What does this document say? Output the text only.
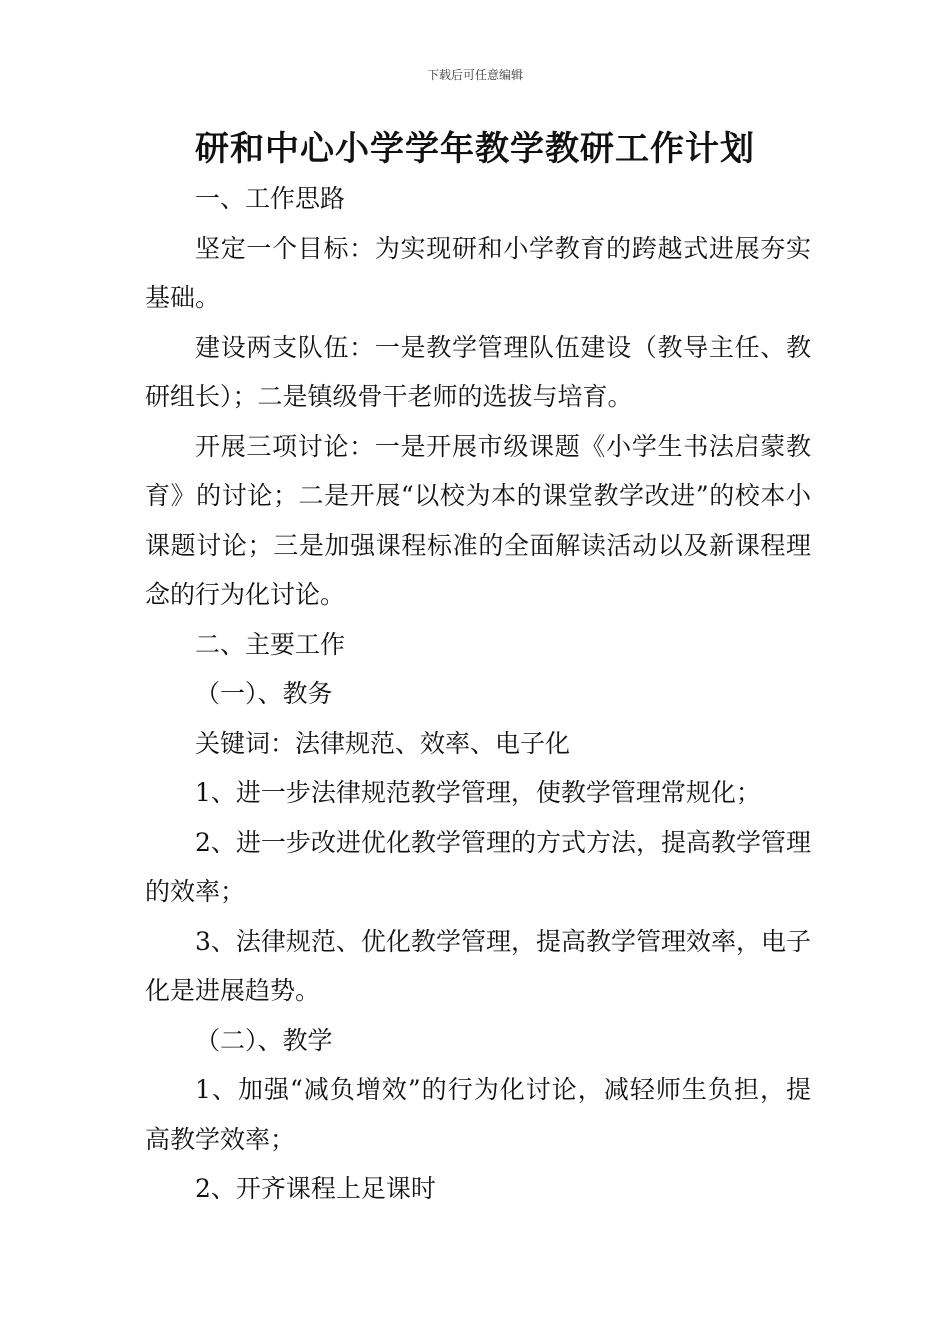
下载后可任意编辑
研和中心小学学年教学教研工作计划

一、工作思路

坚定一个目标：为实现研和小学教育的跨越式进展夯实基础。

建设两支队伍：一是教学管理队伍建设（教导主任、教研组长）；二是镇级骨干老师的选拔与培育。

开展三项讨论：一是开展市级课题《小学生书法启蒙教育》的讨论；二是开展“以校为本的课堂教学改进”的校本小课题讨论；三是加强课程标准的全面解读活动以及新课程理念的行为化讨论。

二、主要工作

（一）、教务

关键词：法律规范、效率、电子化

1、进一步法律规范教学管理，使教学管理常规化；

2、进一步改进优化教学管理的方式方法，提高教学管理的效率；

3、法律规范、优化教学管理，提高教学管理效率，电子化是进展趋势。

（二）、教学

1、加强“减负增效”的行为化讨论，减轻师生负担，提高教学效率；

2、开齐课程上足课时
